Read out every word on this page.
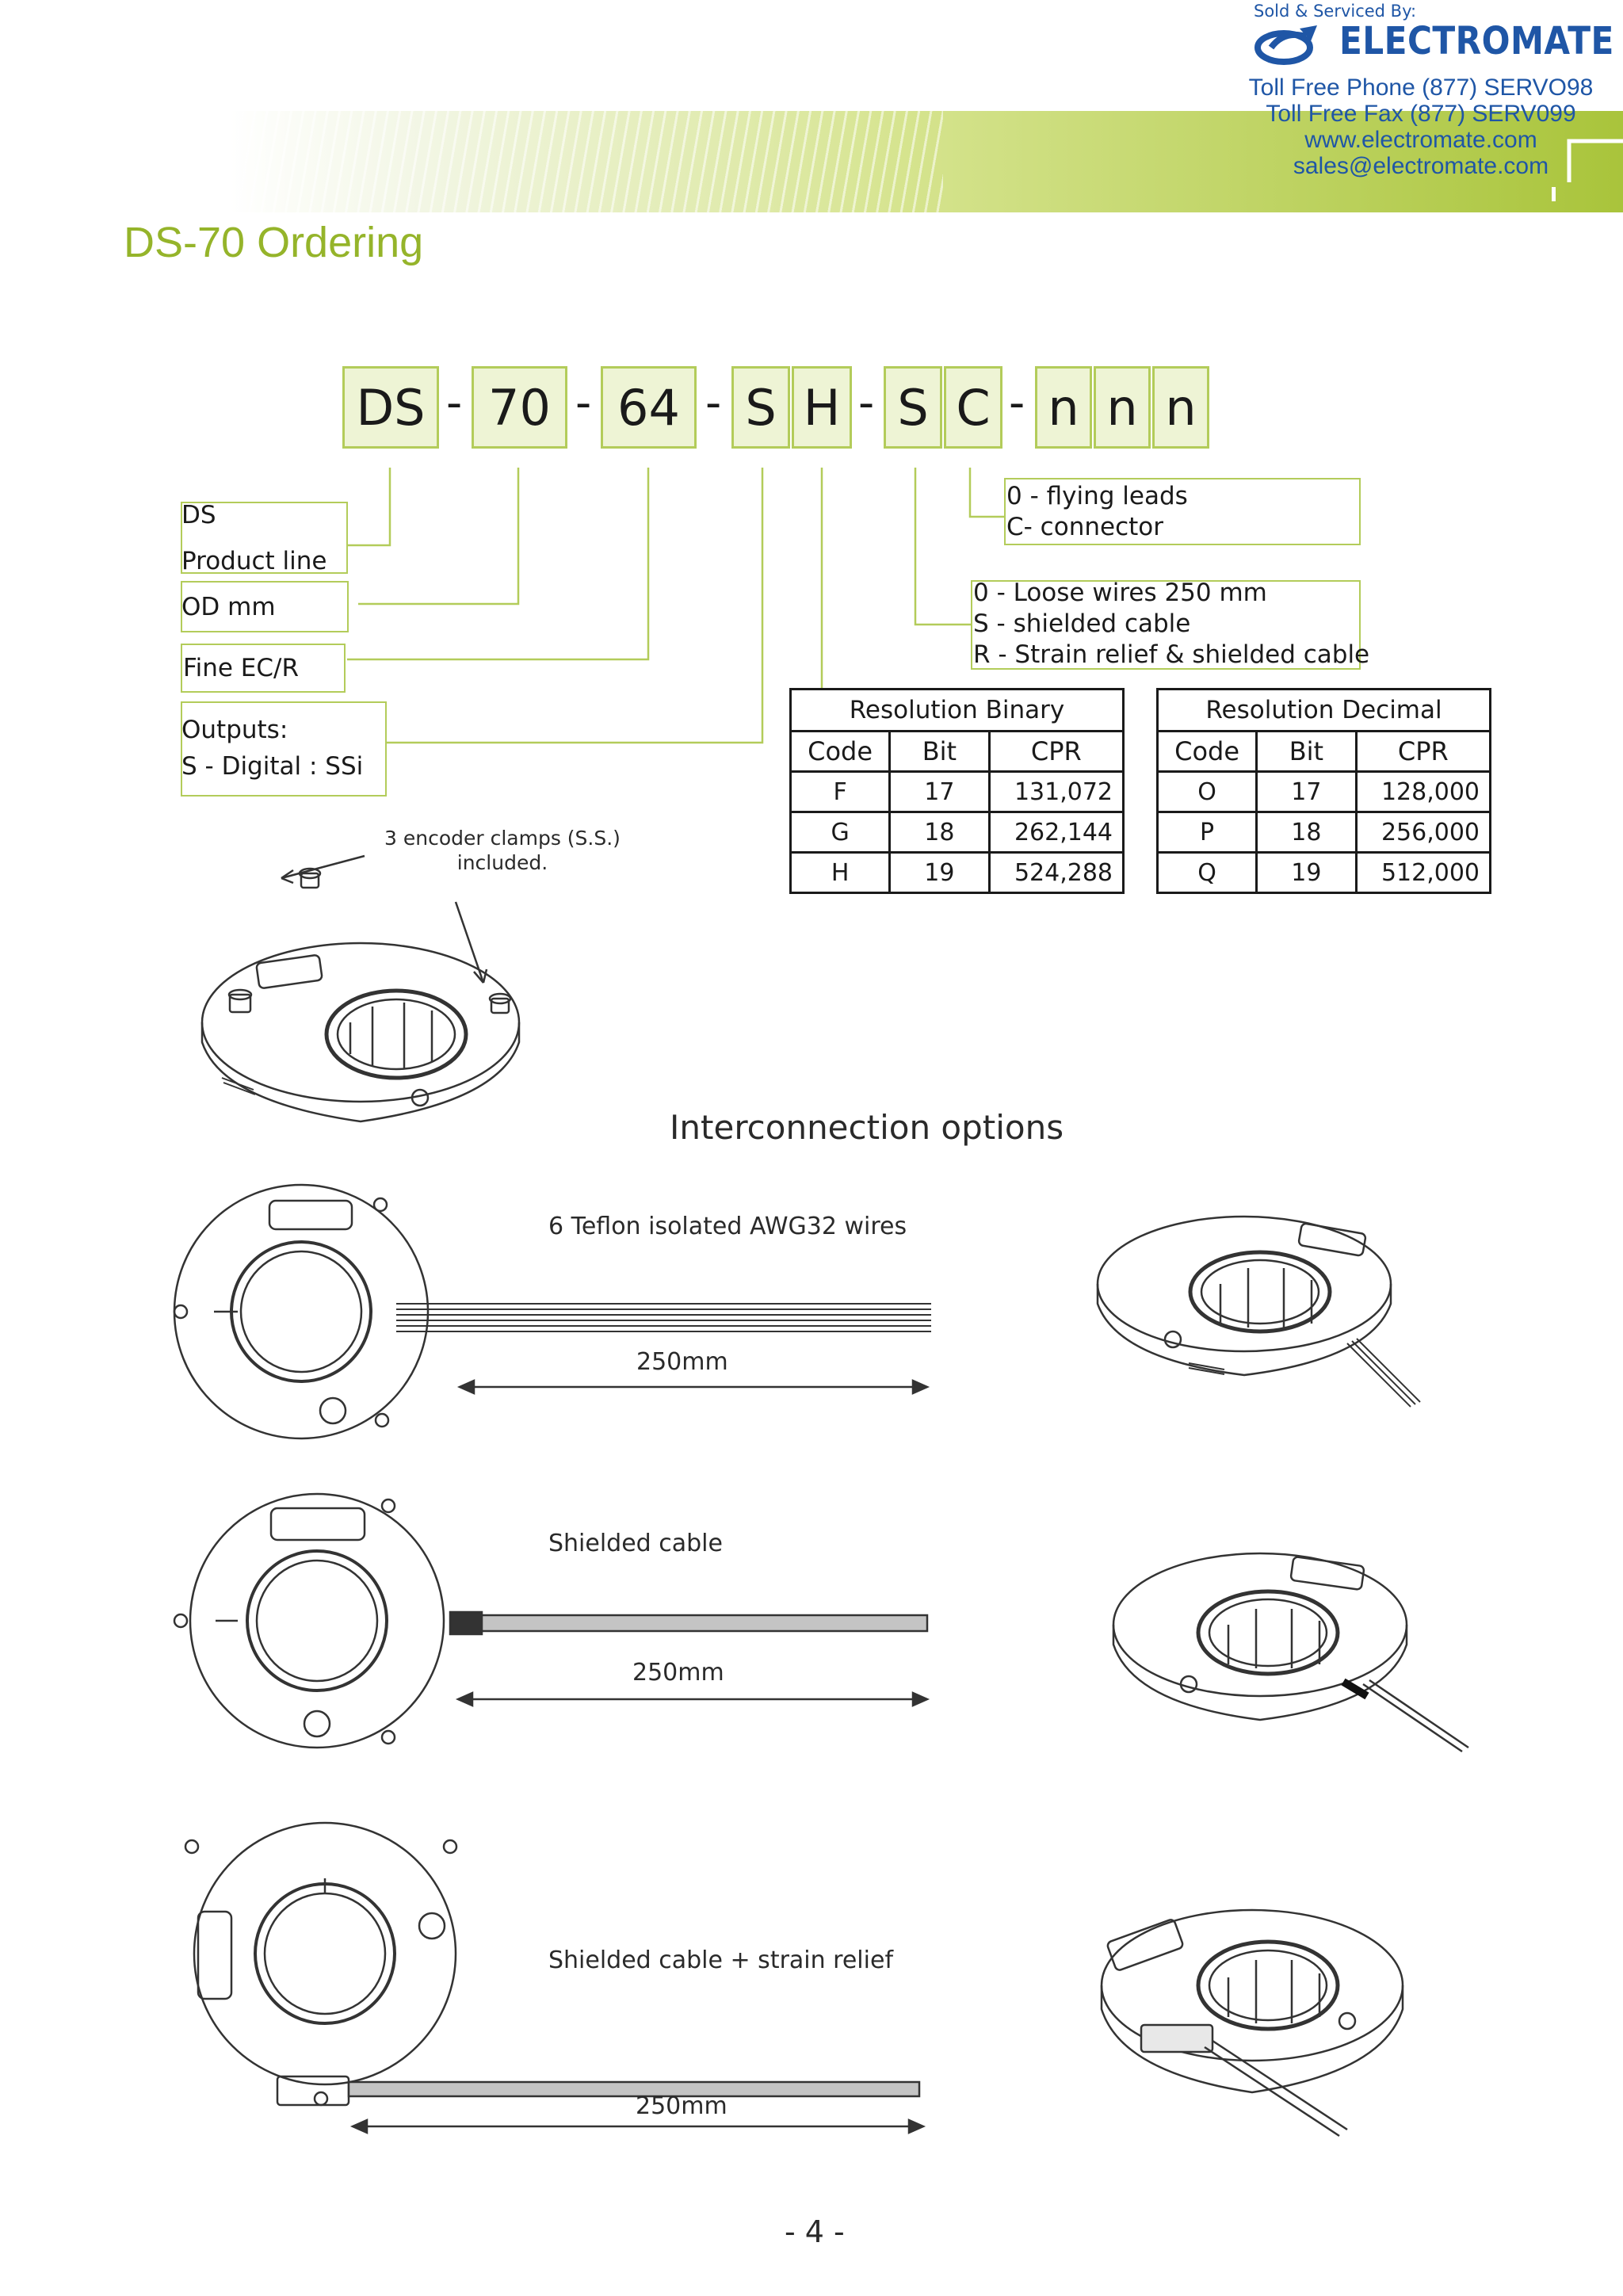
Sold & Serviced By:
ELECTROMATE
Toll Free Phone (877) SERVO98
Toll Free Fax (877) SERV099
www.electromate.com
sales@electromate.com
DS-70 Ordering
DS - 70 - 64 - S H - S C - n n n
DS
Product line
OD mm
Fine EC/R
Outputs:
S - Digital : SSi
0 - flying leads
C- connector
0 - Loose wires 250 mm
S - shielded cable
R - Strain relief & shielded cable
Resolution Binary		
Code	Bit	CPR
F	17	131,072
G	18	262,144
H	19	524,288
Resolution Decimal		
Code	Bit	CPR
O	17	128,000
P	18	256,000
Q	19	512,000
3 encoder clamps (S.S.)
included.
Interconnection options
6 Teflon isolated AWG32 wires
250mm
Shielded cable
250mm
Shielded cable + strain relief
250mm
- 4 -
